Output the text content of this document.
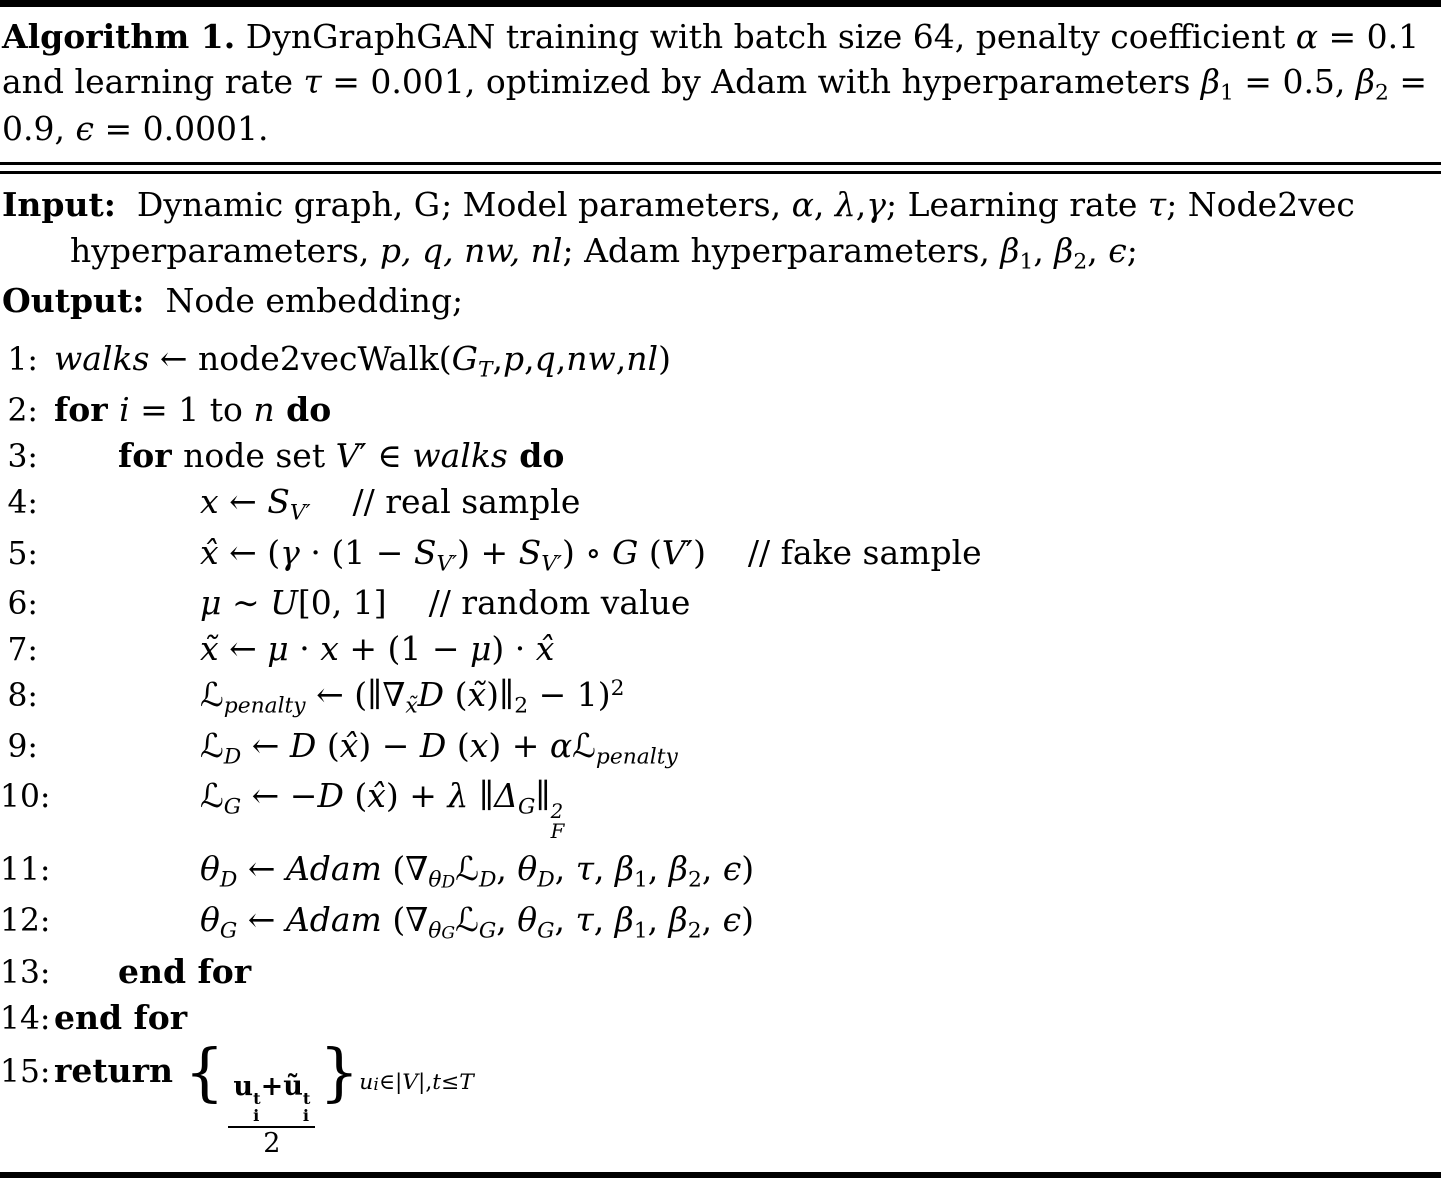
Algorithm 1. DynGraphGAN training with batch size 64, penalty coefficient α = 0.1 and learning rate τ = 0.001, optimized by Adam with hyperparameters $\beta_1 = 0.5$, $\beta_2 = 0.9$, ϵ = 0.0001.
Input:  Dynamic graph, G; Model parameters, α, λ,γ; Learning rate τ; Node2vec
hyperparameters, p, q, nw, nl; Adam hyperparameters, $\beta_1$, $\beta_2$, ϵ;
Output:  Node embedding;
1: walks ← $node2vecWalk(G_T,p,q,nw,nl)$
2: for i = 1 to n do
3:	for node set V′ ∈ walks do
4:	x ← $S_{V'}$    // real sample
5:	x̂ ← $(\gamma \cdot (1 - S_{V'}) + S_{V'})$ ∘ G (V′)    // fake sample
6:	μ ∼ U[0, 1]    // random value
7:	x̃ ← μ · x + (1 − μ) · x̂
8:	ℒ$_{penalty}$ ← ($\parallel\nabla_{x̃}D$ $(x̃)\parallel_2 - 1)^2$
9:	ℒ$_D$ ← D (x̂) − D (x) + αℒ$_{penalty}$
10:	ℒ$_G$ ← −D (x̂) + λ $\parallel\Delta_G\parallel$ 2
F
11:	$\theta_D$ ← Adam ($\nabla_{\theta D}ℒ_D$, $\theta_D$, τ, $\beta_1$, $\beta_2$, ϵ)
12:	$\theta_G$ ← Adam ($\nabla_{\theta G}ℒ_G$, $\theta_G$, τ, $\beta_1$, $\beta_2$, ϵ)
13: end for
14: end for
15: return {
u t
i
+ũ t
i
2
}$_{ui\in|V|,t\le T}$
